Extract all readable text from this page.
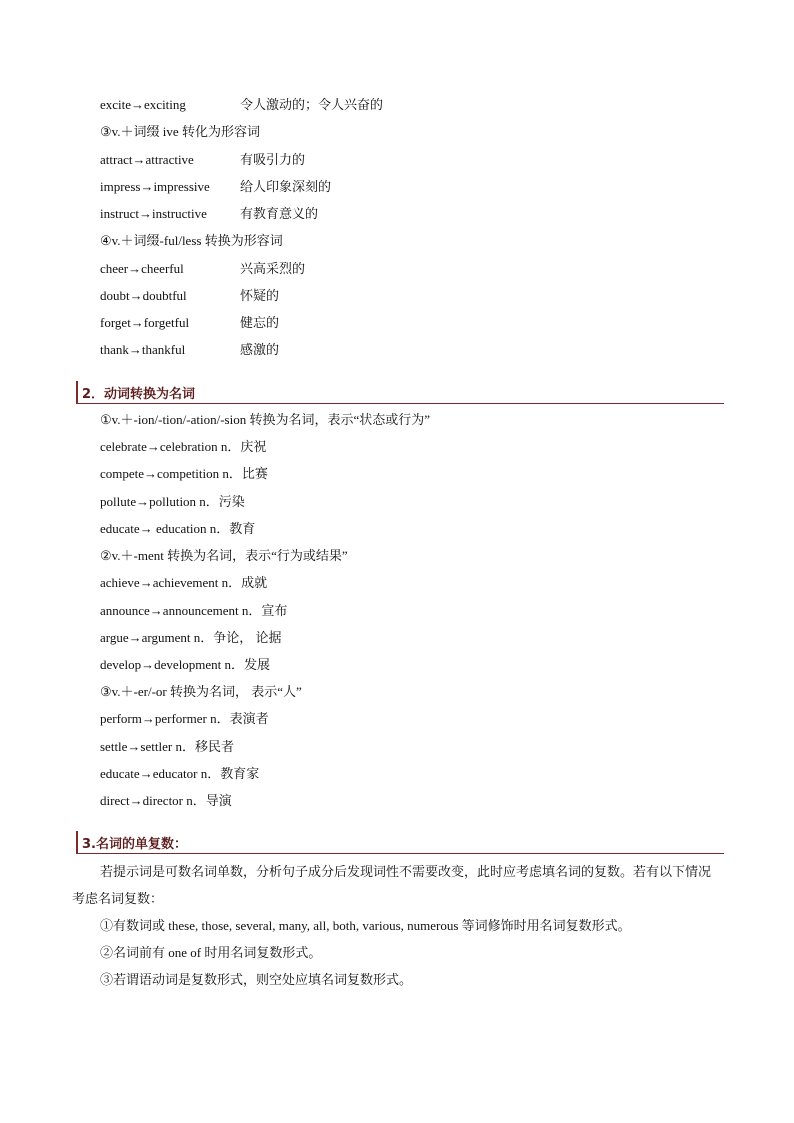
excite→exciting	令人激动的；令人兴奋的
③v.＋词缀 ive 转化为形容词
attract→attractive	有吸引力的
impress→impressive 给人印象深刻的
instruct→instructive	有教育意义的
④v.＋词缀-ful/less 转换为形容词
cheer→cheerful	兴高采烈的
doubt→doubtful	怀疑的
forget→forgetful	健忘的
thank→thankful	感激的
2．动词转换为名词
①v.＋-ion/-tion/-ation/-sion 转换为名词，表示“状态或行为”
celebrate→celebration n．庆祝
compete→competition n．比赛
pollute→pollution n．污染
educate→ education n．教育
②v.＋-ment 转换为名词，表示“行为或结果”
achieve→achievement n．成就
announce→announcement n．宣布
argue→argument n．争论， 论据
develop→development n．发展
③v.＋-er/-or 转换为名词， 表示“人”
perform→performer n．表演者
settle→settler n．移民者
educate→educator n．教育家
direct→director n．导演
3.名词的单复数：
若提示词是可数名词单数，分析句子成分后发现词性不需要改变，此时应考虑填名词的复数。若有以下情况考虑名词复数：
①有数词或 these, those, several, many, all, both, various, numerous 等词修饰时用名词复数形式。
②名词前有 one of 时用名词复数形式。
③若谓语动词是复数形式，则空处应填名词复数形式。
